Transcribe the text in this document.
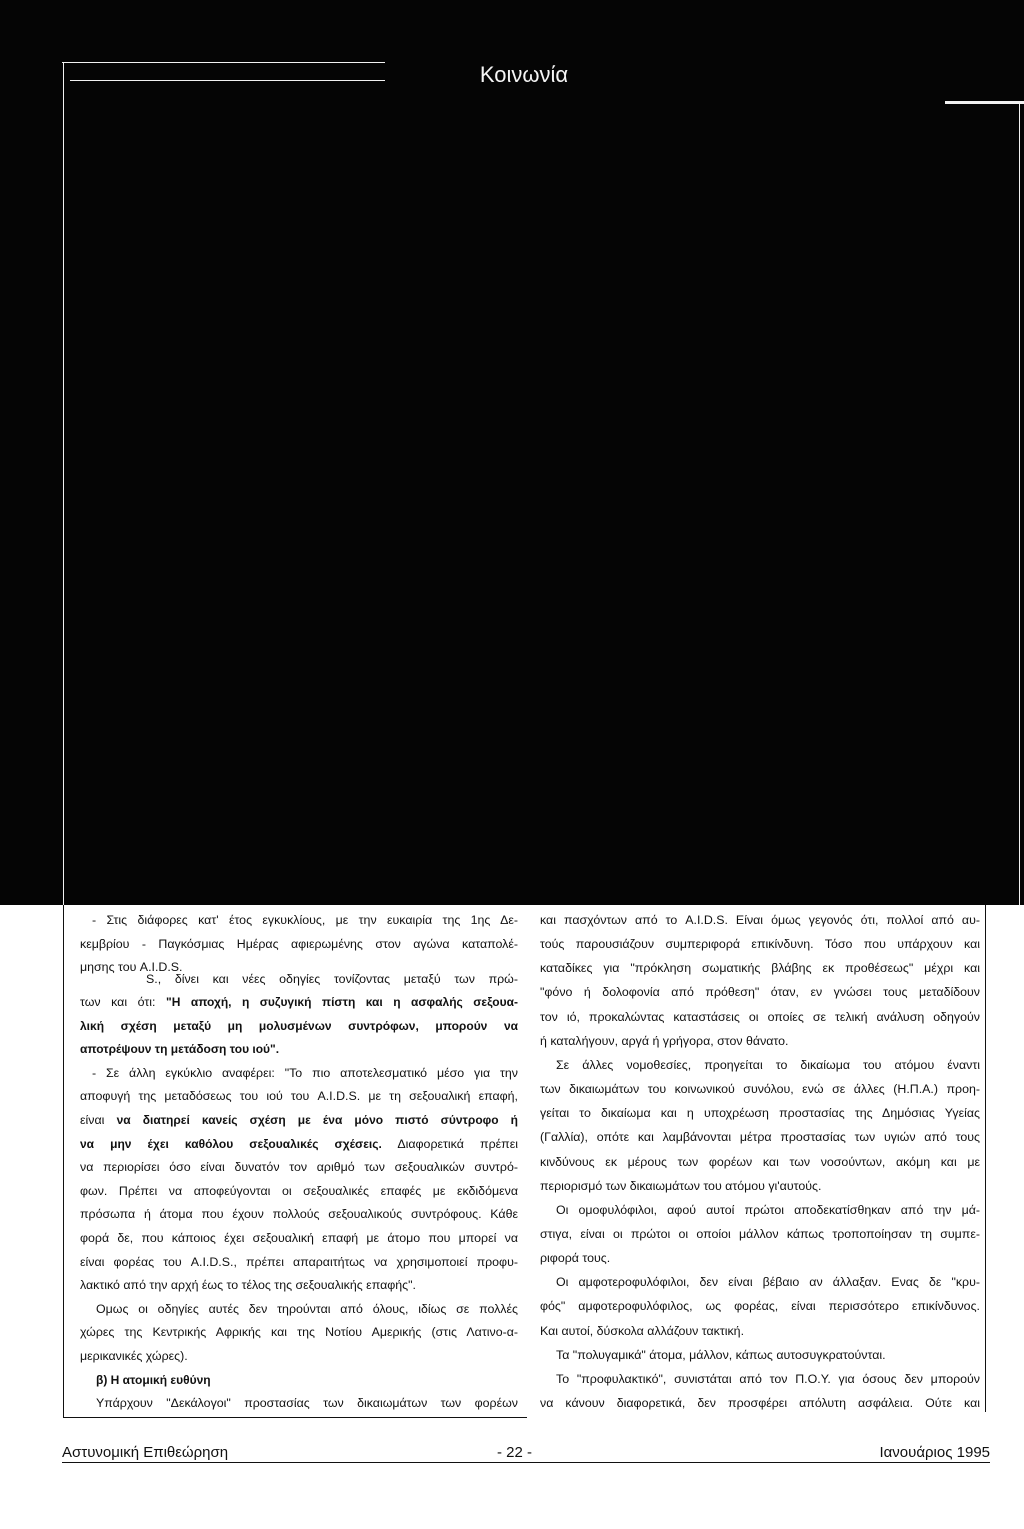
Κοινωνία
- Στις διάφορες κατ' έτος εγκυκλίους, με την ευκαιρία της 1ης Δε-
κεμβρίου - Παγκόσμιας Ημέρας αφιερωμένης στον αγώνα καταπολέ-
μησης του A.I.D.S.
S., δίνει και νέες οδηγίες τονίζοντας μεταξύ των πρώ-
των και ότι: "Η αποχή, η συζυγική πίστη και η ασφαλής σεξουα-
λική σχέση μεταξύ μη μολυσμένων συντρόφων, μπορούν να
αποτρέψουν τη μετάδοση του ιού".
- Σε άλλη εγκύκλιο αναφέρει: "Το πιο αποτελεσματικό μέσο για την
αποφυγή της μεταδόσεως του ιού του A.I.D.S. με τη σεξουαλική επαφή,
είναι να διατηρεί κανείς σχέση με ένα μόνο πιστό σύντροφο ή
να μην έχει καθόλου σεξουαλικές σχέσεις. Διαφορετικά πρέπει
να περιορίσει όσο είναι δυνατόν τον αριθμό των σεξουαλικών συντρό-
φων. Πρέπει να αποφεύγονται οι σεξουαλικές επαφές με εκδιδόμενα
πρόσωπα ή άτομα που έχουν πολλούς σεξουαλικούς συντρόφους. Κάθε
φορά δε, που κάποιος έχει σεξουαλική επαφή με άτομο που μπορεί να
είναι φορέας του A.I.D.S., πρέπει απαραιτήτως να χρησιμοποιεί προφυ-
λακτικό από την αρχή έως το τέλος της σεξουαλικής επαφής".
Ομως οι οδηγίες αυτές δεν τηρούνται από όλους, ιδίως σε πολλές
χώρες της Κεντρικής Αφρικής και της Νοτίου Αμερικής (στις Λατινο-α-
μερικανικές χώρες).
β) Η ατομική ευθύνη
Υπάρχουν "Δεκάλογοι" προστασίας των δικαιωμάτων των φορέων
και πασχόντων από το A.I.D.S. Είναι όμως γεγονός ότι, πολλοί από αυ-
τούς παρουσιάζουν συμπεριφορά επικίνδυνη. Τόσο που υπάρχουν και
καταδίκες για "πρόκληση σωματικής βλάβης εκ προθέσεως" μέχρι και
"φόνο ή δολοφονία από πρόθεση" όταν, εν γνώσει τους μεταδίδουν
τον ιό, προκαλώντας καταστάσεις οι οποίες σε τελική ανάλυση οδηγούν
ή καταλήγουν, αργά ή γρήγορα, στον θάνατο.
Σε άλλες νομοθεσίες, προηγείται το δικαίωμα του ατόμου έναντι
των δικαιωμάτων του κοινωνικού συνόλου, ενώ σε άλλες (Η.Π.Α.) προη-
γείται το δικαίωμα και η υποχρέωση προστασίας της Δημόσιας Υγείας
(Γαλλία), οπότε και λαμβάνονται μέτρα προστασίας των υγιών από τους
κινδύνους εκ μέρους των φορέων και των νοσούντων, ακόμη και με
περιορισμό των δικαιωμάτων του ατόμου γι'αυτούς.
Οι ομοφυλόφιλοι, αφού αυτοί πρώτοι αποδεκατίσθηκαν από την μά-
στιγα, είναι οι πρώτοι οι οποίοι μάλλον κάπως τροποποίησαν τη συμπε-
ριφορά τους.
Οι αμφοτεροφυλόφιλοι, δεν είναι βέβαιο αν άλλαξαν. Ενας δε "κρυ-
φός" αμφοτεροφυλόφιλος, ως φορέας, είναι περισσότερο επικίνδυνος.
Και αυτοί, δύσκολα αλλάζουν τακτική.
Τα "πολυγαμικά" άτομα, μάλλον, κάπως αυτοσυγκρατούνται.
Το "προφυλακτικό", συνιστάται από τον Π.Ο.Υ. για όσους δεν μπορούν
να κάνουν διαφορετικά, δεν προσφέρει απόλυτη ασφάλεια. Ούτε και
Αστυνομική Επιθεώρηση	- 22 -	Ιανουάριος 1995
